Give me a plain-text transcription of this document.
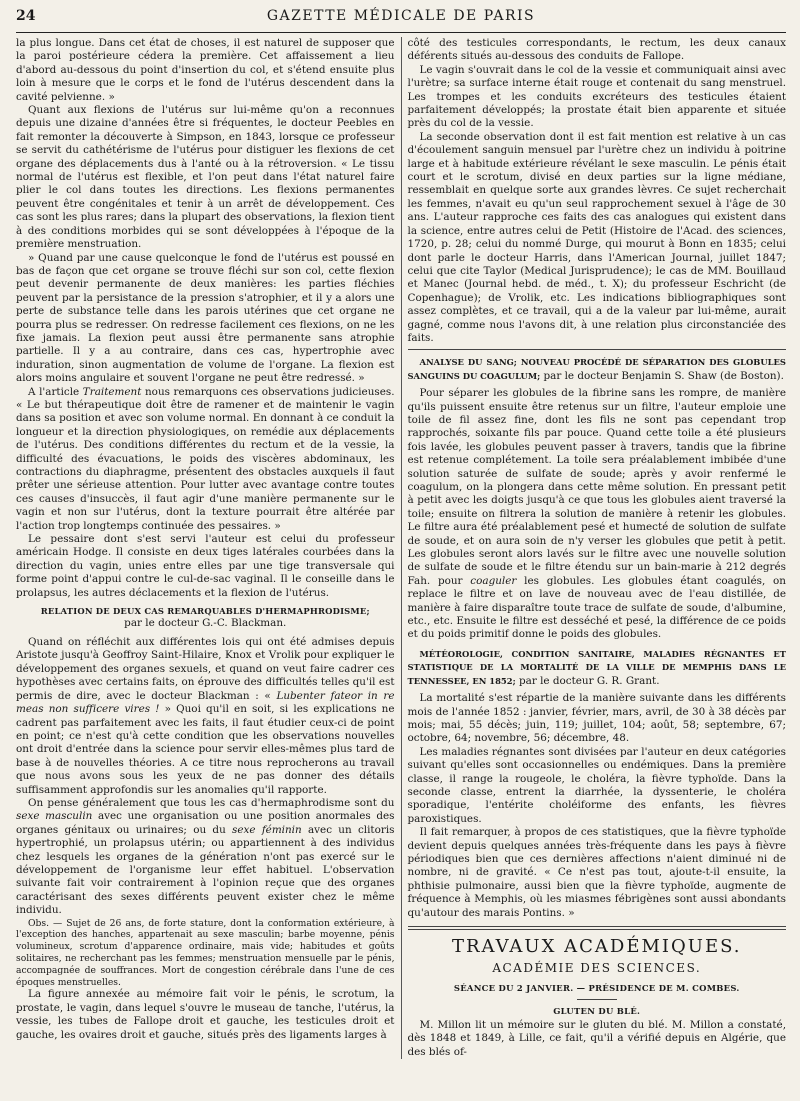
24	GAZETTE MÉDICALE DE PARIS

la plus longue. Dans cet état de choses, il est naturel de supposer que la paroi postérieure cédera la première. Cet affaissement a lieu d'abord au-dessous du point d'insertion du col, et s'étend ensuite plus loin à mesure que le corps et le fond de l'utérus descendent dans la cavité pelvienne. »

Quant aux flexions de l'utérus sur lui-même qu'on a reconnues depuis une dizaine d'années être si fréquentes, le docteur Peebles en fait remonter la découverte à Simpson, en 1843, lorsque ce professeur se servit du cathétérisme de l'utérus pour distiguer les flexions de cet organe des déplacements dus à l'anté ou à la rétroversion. « Le tissu normal de l'utérus est flexible, et l'on peut dans l'état naturel faire plier le col dans toutes les directions. Les flexions permanentes peuvent être congénitales et tenir à un arrêt de développement. Ces cas sont les plus rares; dans la plupart des observations, la flexion tient à des conditions morbides qui se sont développées à l'époque de la première menstruation.

» Quand par une cause quelconque le fond de l'utérus est poussé en bas de façon que cet organe se trouve fléchi sur son col, cette flexion peut devenir permanente de deux manières: les parties fléchies peuvent par la persistance de la pression s'atrophier, et il y a alors une perte de substance telle dans les parois utérines que cet organe ne pourra plus se redresser. On redresse facilement ces flexions, on ne les fixe jamais. La flexion peut aussi être permanente sans atrophie partielle. Il y a au contraire, dans ces cas, hypertrophie avec induration, sinon augmentation de volume de l'organe. La flexion est alors moins angulaire et souvent l'organe ne peut être redressé. »

A l'article Traitement nous remarquons ces observations judicieuses. « Le but thérapeutique doit être de ramener et de maintenir le vagin dans sa position et avec son volume normal. En donnant à ce conduit la longueur et la direction physiologiques, on remédie aux déplacements de l'utérus. Des conditions différentes du rectum et de la vessie, la difficulté des évacuations, le poids des viscères abdominaux, les contractions du diaphragme, présentent des obstacles auxquels il faut prêter une sérieuse attention. Pour lutter avec avantage contre toutes ces causes d'insuccès, il faut agir d'une manière permanente sur le vagin et non sur l'utérus, dont la texture pourrait être altérée par l'action trop longtemps continuée des pessaires. »

Le pessaire dont s'est servi l'auteur est celui du professeur américain Hodge. Il consiste en deux tiges latérales courbées dans la direction du vagin, unies entre elles par une tige transversale qui forme point d'appui contre le cul-de-sac vaginal. Il le conseille dans le prolapsus, les autres déclacements et la flexion de l'utérus.

RELATION DE DEUX CAS REMARQUABLES D'HERMAPHRODISME;
par le docteur G.-C. Blackman.

Quand on réfléchit aux différentes lois qui ont été admises depuis Aristote jusqu'à Geoffroy Saint-Hilaire, Knox et Vrolik pour expliquer le développement des organes sexuels, et quand on veut faire cadrer ces hypothèses avec certains faits, on éprouve des difficultés telles qu'il est permis de dire, avec le docteur Blackman : « Lubenter fateor in re meas non sufficere vires ! » Quoi qu'il en soit, si les explications ne cadrent pas parfaitement avec les faits, il faut étudier ceux-ci de point en point; ce n'est qu'à cette condition que les observations nouvelles ont droit d'entrée dans la science pour servir elles-mêmes plus tard de base à de nouvelles théories. A ce titre nous reprocherons au travail que nous avons sous les yeux de ne pas donner des détails suffisamment approfondis sur les anomalies qu'il rapporte.

On pense généralement que tous les cas d'hermaphrodisme sont du sexe masculin avec une organisation ou une position anormales des organes génitaux ou urinaires; ou du sexe féminin avec un clitoris hypertrophié, un prolapsus utérin; ou appartiennent à des individus chez lesquels les organes de la génération n'ont pas exercé sur le développement de l'organisme leur effet habituel. L'observation suivante fait voir contrairement à l'opinion reçue que des organes caractérisant des sexes différents peuvent exister chez le même individu.

Obs. — Sujet de 26 ans, de forte stature, dont la conformation extérieure, à l'exception des hanches, appartenait au sexe masculin; barbe moyenne, pénis volumineux, scrotum d'apparence ordinaire, mais vide; habitudes et goûts solitaires, ne recherchant pas les femmes; menstruation mensuelle par le pénis, accompagnée de souffrances. Mort de congestion cérébrale dans l'une de ces époques menstruelles.

La figure annexée au mémoire fait voir le pénis, le scrotum, la prostate, le vagin, dans lequel s'ouvre le museau de tanche, l'utérus, la vessie, les tubes de Fallope droit et gauche, les testicules droit et gauche, les ovaires droit et gauche, situés près des ligaments larges à

côté des testicules correspondants, le rectum, les deux canaux déférents situés au-dessous des conduits de Fallope.

Le vagin s'ouvrait dans le col de la vessie et communiquait ainsi avec l'urètre; sa surface interne était rouge et contenait du sang menstruel. Les trompes et les conduits excréteurs des testicules étaient parfaitement développés; la prostate était bien apparente et située près du col de la vessie.

La seconde observation dont il est fait mention est relative à un cas d'écoulement sanguin mensuel par l'urètre chez un individu à poitrine large et à habitude extérieure révélant le sexe masculin. Le pénis était court et le scrotum, divisé en deux parties sur la ligne médiane, ressemblait en quelque sorte aux grandes lèvres. Ce sujet recherchait les femmes, n'avait eu qu'un seul rapprochement sexuel à l'âge de 30 ans. L'auteur rapproche ces faits des cas analogues qui existent dans la science, entre autres celui de Petit (Histoire de l'Acad. des sciences, 1720, p. 28; celui du nommé Durge, qui mourut à Bonn en 1835; celui dont parle le docteur Harris, dans l'American Journal, juillet 1847; celui que cite Taylor (Medical Jurisprudence); le cas de MM. Bouillaud et Manec (Journal hebd. de méd., t. X); du professeur Eschricht (de Copenhague); de Vrolik, etc. Les indications bibliographiques sont assez complètes, et ce travail, qui a de la valeur par lui-même, aurait gagné, comme nous l'avons dit, à une relation plus circonstanciée des faits.

ANALYSE DU SANG; NOUVEAU PROCÉDÉ DE SÉPARATION DES GLOBULES SANGUINS DU COAGULUM; par le docteur Benjamin S. Shaw (de Boston).

Pour séparer les globules de la fibrine sans les rompre, de manière qu'ils puissent ensuite être retenus sur un filtre, l'auteur emploie une toile de fil assez fine, dont les fils ne sont pas cependant trop rapprochés, soixante fils par pouce. Quand cette toile a été plusieurs fois lavée, les globules peuvent passer à travers, tandis que la fibrine est retenue complétement. La toile sera préalablement imbibée d'une solution saturée de sulfate de soude; après y avoir renfermé le coagulum, on la plongera dans cette même solution. En pressant petit à petit avec les doigts jusqu'à ce que tous les globules aient traversé la toile; ensuite on filtrera la solution de manière à retenir les globules. Le filtre aura été préalablement pesé et humecté de solution de sulfate de soude, et on aura soin de n'y verser les globules que petit à petit. Les globules seront alors lavés sur le filtre avec une nouvelle solution de sulfate de soude et le filtre étendu sur un bain-marie à 212 degrés Fah. pour coaguler les globules. Les globules étant coagulés, on replace le filtre et on lave de nouveau avec de l'eau distillée, de manière à faire disparaître toute trace de sulfate de soude, d'albumine, etc., etc. Ensuite le filtre est desséché et pesé, la différence de ce poids et du poids primitif donne le poids des globules.

MÉTÉOROLOGIE, CONDITION SANITAIRE, MALADIES RÉGNANTES ET STATISTIQUE DE LA MORTALITÉ DE LA VILLE DE MEMPHIS DANS LE TENNESSEE, EN 1852; par le docteur G. R. Grant.

La mortalité s'est répartie de la manière suivante dans les différents mois de l'année 1852 : janvier, février, mars, avril, de 30 à 38 décès par mois; mai, 55 décès; juin, 119; juillet, 104; août, 58; septembre, 67; octobre, 64; novembre, 56; décembre, 48.

Les maladies régnantes sont divisées par l'auteur en deux catégories suivant qu'elles sont occasionnelles ou endémiques. Dans la première classe, il range la rougeole, le choléra, la fièvre typhoïde. Dans la seconde classe, entrent la diarrhée, la dyssenterie, le choléra sporadique, l'entérite choléiforme des enfants, les fièvres paroxistiques.

Il fait remarquer, à propos de ces statistiques, que la fièvre typhoïde devient depuis quelques années très-fréquente dans les pays à fièvre périodiques bien que ces dernières affections n'aient diminué ni de nombre, ni de gravité. « Ce n'est pas tout, ajoute-t-il ensuite, la phthisie pulmonaire, aussi bien que la fièvre typhoïde, augmente de fréquence à Memphis, où les miasmes fébrigènes sont aussi abondants qu'autour des marais Pontins. »

TRAVAUX ACADÉMIQUES.
ACADÉMIE DES SCIENCES.
SÉANCE DU 2 JANVIER. — PRÉSIDENCE DE M. COMBES.
GLUTEN DU BLÉ.

M. Millon lit un mémoire sur le gluten du blé. M. Millon a constaté, dès 1848 et 1849, à Lille, ce fait, qu'il a vérifié depuis en Algérie, que des blés of-
